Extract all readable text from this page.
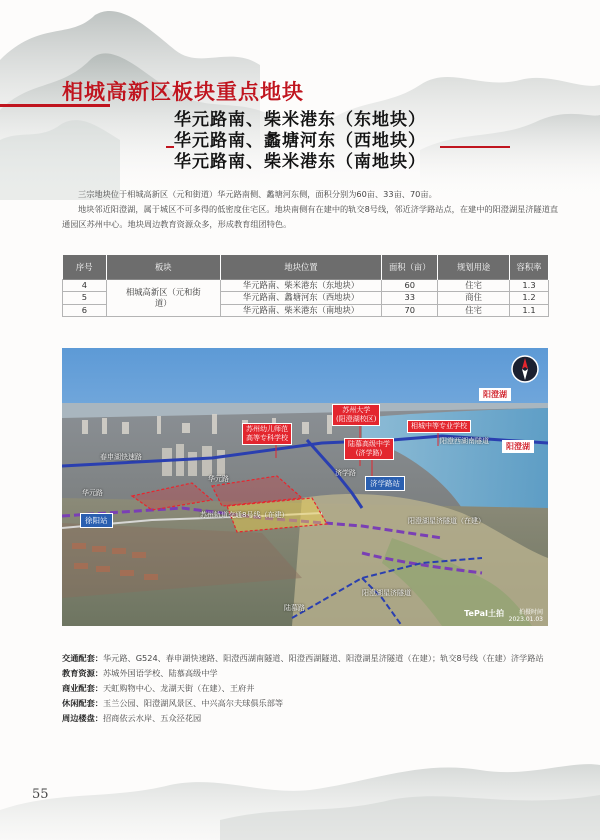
相城高新区板块重点地块
华元路南、柴米港东（东地块）
华元路南、蠡塘河东（西地块）
华元路南、柴米港东（南地块）

三宗地块位于相城高新区（元和街道）华元路南侧、蠡塘河东侧，面积分别为60亩、33亩、70亩。

地块邻近阳澄湖，属于城区不可多得的低密度住宅区。地块南侧有在建中的轨交8号线，邻近济学路站点，在建中的阳澄湖星济隧道直通园区苏州中心。地块周边教育资源众多，形成教育组团特色。

序号	板块	地块位置	面积（亩）	规划用途	容积率
4	相城高新区（元和街道）	华元路南、柴米港东（东地块）	60	住宅	1.3
5		华元路南、蠡塘河东（西地块）	33	商住	1.2
6		华元路南、柴米港东（南地块）	70	住宅	1.1
阳澄湖
阳澄湖
苏州大学
(阳澄湖校区)
苏州幼儿师范
高等专科学校
相城中等专业学校
陆慕高级中学
(济学路)
济学路站
徐阳站
春申湖快速路
华元路
华元路
阳澄西湖南隧道
济学路
苏州轨道交通8号线（在建）
阳澄湖星济隧道（在建）
阳澄湖星济隧道
陆慕路
TePaI土拍 拍摄时间
2023.01.03
交通配套： 华元路、G524、春申湖快速路、阳澄西湖南隧道、阳澄西湖隧道、阳澄湖星济隧道（在建）；轨交8号线（在建）济学路站
教育资源： 苏城外国语学校、陆慕高级中学
商业配套： 天虹购物中心、龙湖天街（在建）、王府井
休闲配套： 玉兰公园、阳澄湖风景区、中兴高尔夫球俱乐部等
周边楼盘： 招商依云水岸、五众泾花园
55
